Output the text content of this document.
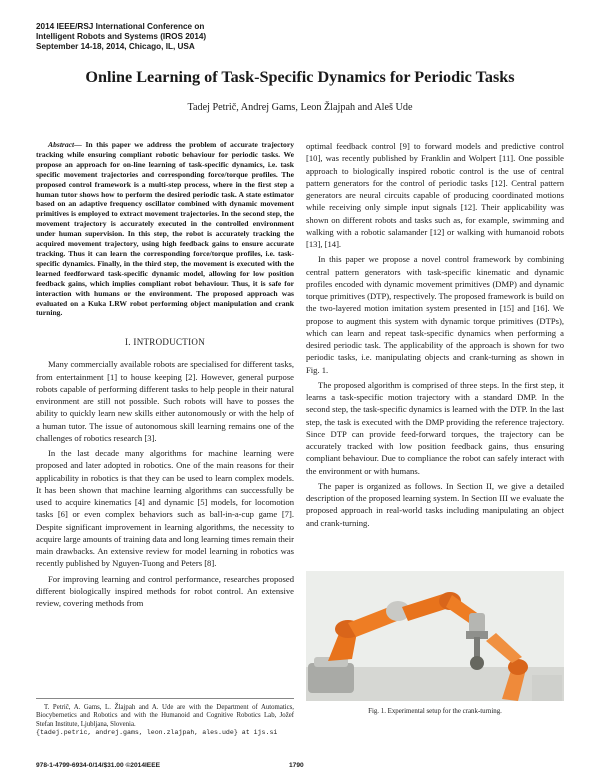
2014 IEEE/RSJ International Conference on
Intelligent Robots and Systems (IROS 2014)
September 14-18, 2014, Chicago, IL, USA
Online Learning of Task-Specific Dynamics for Periodic Tasks
Tadej Petrič, Andrej Gams, Leon Žlajpah and Aleš Ude

Abstract— In this paper we address the problem of accurate trajectory tracking while ensuring compliant robotic behaviour for periodic tasks. We propose an approach for on-line learning of task-specific dynamics, i.e. task specific movement trajectories and corresponding force/torque profiles. The proposed control framework is a multi-step process, where in the first step a human tutor shows how to perform the desired periodic task. A state estimator based on an adaptive frequency oscillator combined with dynamic movement primitives is employed to extract movement trajectories. In the second step, the movement trajectory is accurately executed in the controlled environment under human supervision. In this step, the robot is accurately tracking the acquired movement trajectory, using high feedback gains to ensure accurate tracking. Thus it can learn the corresponding force/torque profiles, i.e. task-specific dynamics. Finally, in the third step, the movement is executed with the learned feedforward task-specific dynamic model, allowing for low position feedback gains, which implies compliant robot behaviour. Thus, it is safe for interaction with humans or the environment. The proposed approach was evaluated on a Kuka LRW robot performing object manipulation and crank turning.

I. INTRODUCTION

Many commercially available robots are specialised for different tasks, from entertainment [1] to house keeping [2]. However, general purpose robots capable of performing different tasks to help people in their natural environment are still not possible. Such robots will have to posses the ability to quickly learn new skills either autonomously or with the help of a human tutor. The issue of autonomous skill learning remains one of the challenges of robotics research [3].

In the last decade many algorithms for machine learning were proposed and later adopted in robotics. One of the main reasons for their applicability in robotics is that they can be used to learn complex models. It has been shown that machine learning algorithms can successfully be used to acquire kinematics [4] and dynamic [5] models, for locomotion tasks [6] or even complex behaviors such as ball-in-a-cup game [7]. Despite significant improvement in learning algorithms, the necessity to acquire large amounts of training data and long learning times remain their main drawbacks. An extensive review for model learning in robotics was recently published by Nguyen-Tuong and Peters [8].

For improving learning and control performance, researches proposed different biologically inspired methods for robot control. An extensive review, covering methods from

optimal feedback control [9] to forward models and predictive control [10], was recently published by Franklin and Wolpert [11]. One possible approach to biologically inspired robotic control is the use of central pattern generators for the control of periodic tasks [12]. Central pattern generators are neural circuits capable of producing coordinated motions while receiving only simple input signals [12]. Their applicability was shown on different robots and tasks such as, for example, swimming and walking with a robotic salamander [12] or walking with humanoid robots [13], [14].

In this paper we propose a novel control framework by combining central pattern generators with task-specific kinematic and dynamic profiles encoded with dynamic movement primitives (DMP) and dynamic torque primitives (DTP), respectively. The proposed framework is build on the two-layered motion imitation system presented in [15] and [16]. We propose to augment this system with dynamic torque primitives (DTPs), which can learn and repeat task-specific dynamics when performing a desired periodic task. The applicability of the approach is shown for two periodic tasks, i.e. manipulating objects and crank-turning as shown in Fig. 1.

The proposed algorithm is comprised of three steps. In the first step, it learns a task-specific motion trajectory with a standard DMP. In the second step, the task-specific dynamics is learned with the DTP. In the last step, the task is executed with the DMP providing the reference trajectory. Since DTP can provide feed-forward torques, the trajectory can be accurately tracked with low position feedback gains, thus ensuring compliant behaviour. Due to compliance the robot can safely interact with the environment or with humans.

The paper is organized as follows. In Section II, we give a detailed description of the proposed learning system. In Section III we evaluate the proposed approach in real-world tasks including manipulating an object and crank-turning.

Fig. 1. Experimental setup for the crank-turning.
T. Petrič, A. Gams, L. Žlajpah and A. Ude are with the Department of Automatics, Biocybernetics and Robotics and with the Humanoid and Cognitive Robotics Lab, Jožef Stefan Institute, Ljubljana, Slovenia.
{tadej.petric, andrej.gams, leon.zlajpah, ales.ude} at ijs.si
978-1-4799-6934-0/14/$31.00 ©2014IEEE	1790
